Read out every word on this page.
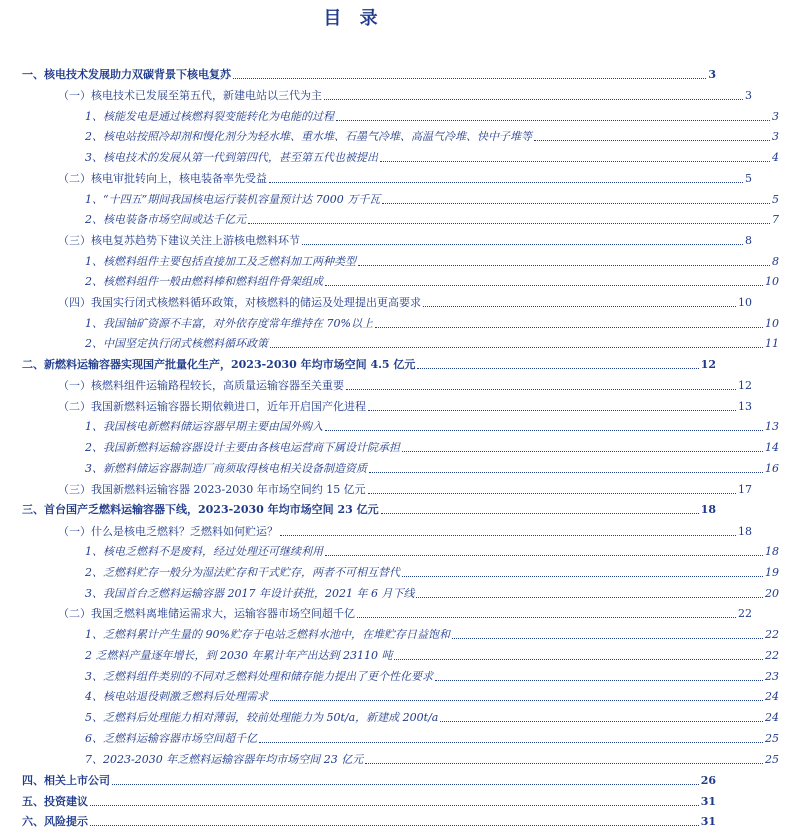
目 录
一、核电技术发展助力双碳背景下核电复苏	3
（一）核电技术已发展至第五代，新建电站以三代为主	3
1、核能发电是通过核燃料裂变能转化为电能的过程	3
2、核电站按照冷却剂和慢化剂分为轻水堆、重水堆、石墨气冷堆、高温气冷堆、快中子堆等	3
3、核电技术的发展从第一代到第四代，甚至第五代也被提出	4
（二）核电审批转向上，核电装备率先受益	5
1、“十四五”期间我国核电运行装机容量预计达 7000 万千瓦	5
2、核电装备市场空间或达千亿元	7
（三）核电复苏趋势下建议关注上游核电燃料环节	8
1、核燃料组件主要包括直接加工及乏燃料加工两种类型	8
2、核燃料组件一般由燃料棒和燃料组件骨架组成	10
（四）我国实行闭式核燃料循环政策，对核燃料的储运及处理提出更高要求	10
1、我国铀矿资源不丰富，对外依存度常年维持在 70%以上	10
2、中国坚定执行闭式核燃料循环政策	11
二、新燃料运输容器实现国产批量化生产，2023-2030 年均市场空间 4.5 亿元	12
（一）核燃料组件运输路程较长，高质量运输容器至关重要	12
（二）我国新燃料运输容器长期依赖进口，近年开启国产化进程	13
1、我国核电新燃料储运容器早期主要由国外购入	13
2、我国新燃料运输容器设计主要由各核电运营商下属设计院承担	14
3、新燃料储运容器制造厂商须取得核电相关设备制造资质	16
（三）我国新燃料运输容器 2023-2030 年市场空间约 15 亿元	17
三、首台国产乏燃料运输容器下线，2023-2030 年均市场空间 23 亿元	18
（一）什么是核电乏燃料？乏燃料如何贮运？	18
1、核电乏燃料不是废料，经过处理还可继续利用	18
2、乏燃料贮存一般分为湿法贮存和干式贮存，两者不可相互替代	19
3、我国首台乏燃料运输容器 2017 年设计获批，2021 年 6 月下线	20
（二）我国乏燃料离堆储运需求大，运输容器市场空间超千亿	22
1、乏燃料累计产生量的 90%贮存于电站乏燃料水池中，在堆贮存日益饱和	22
2 乏燃料产量逐年增长，到 2030 年累计年产出达到 23110 吨	22
3、乏燃料组件类别的不同对乏燃料处理和储存能力提出了更个性化要求	23
4、核电站退役刺激乏燃料后处理需求	24
5、乏燃料后处理能力相对薄弱，较前处理能力为 50t/a，新建成 200t/a	24
6、乏燃料运输容器市场空间超千亿	25
7、2023-2030 年乏燃料运输容器年均市场空间 23 亿元	25
四、相关上市公司	26
五、投资建议	31
六、风险提示	31
